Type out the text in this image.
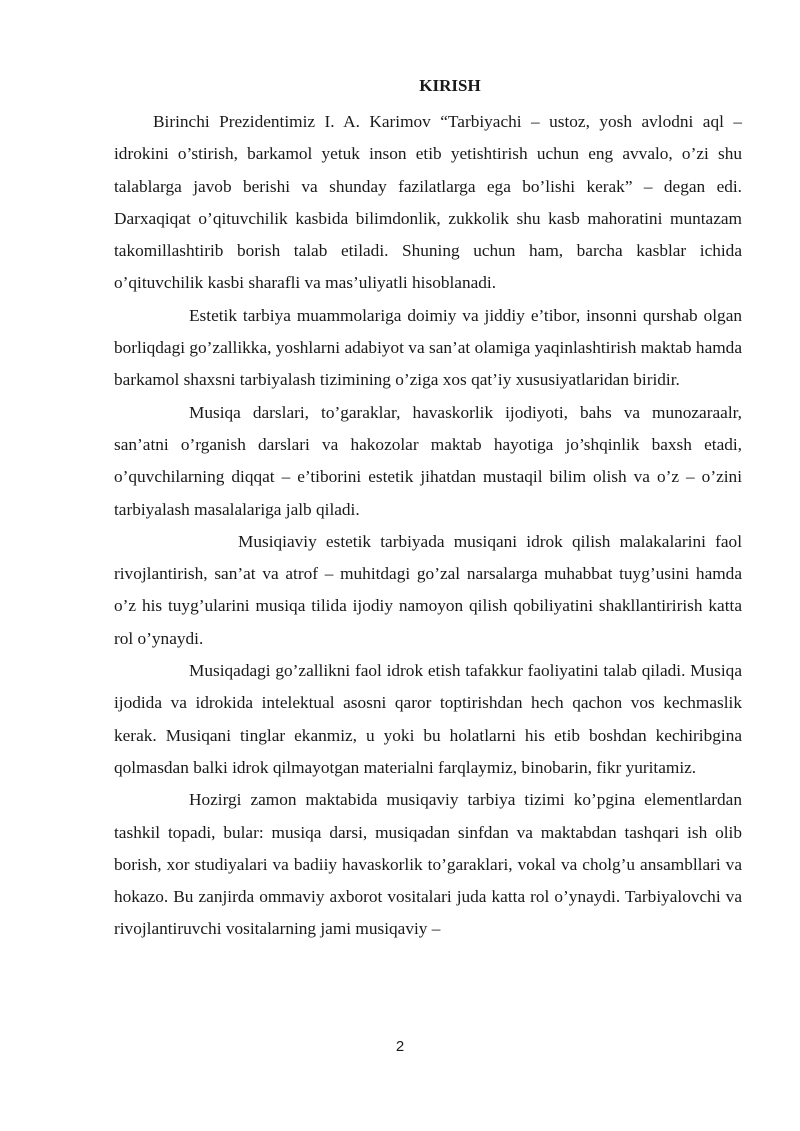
KIRISH

Birinchi Prezidentimiz I. A. Karimov “Tarbiyachi – ustoz, yosh avlodni aql – idrokini o’stirish, barkamol yetuk inson etib yetishtirish uchun eng avvalo, o’zi shu talablarga javob berishi va shunday fazilatlarga ega bo’lishi kerak” – degan edi. Darxaqiqat o’qituvchilik kasbida bilimdonlik, zukkolik shu kasb mahoratini muntazam takomillashtirib borish talab etiladi. Shuning uchun ham, barcha kasblar ichida o’qituvchilik kasbi sharafli va mas’uliyatli hisoblanadi.

Estetik tarbiya muammolariga doimiy va jiddiy e’tibor, insonni qurshab olgan borliqdagi go’zallikka, yoshlarni adabiyot va san’at olamiga yaqinlashtirish maktab hamda barkamol shaxsni tarbiyalash tizimining o’ziga xos qat’iy xususiyatlaridan biridir.

Musiqa darslari, to’garaklar, havaskorlik ijodiyoti, bahs va munozaraalr, san’atni o’rganish darslari va hakozolar maktab hayotiga jo’shqinlik baxsh etadi, o’quvchilarning diqqat – e’tiborini estetik jihatdan mustaqil bilim olish va o’z – o’zini tarbiyalash masalalariga jalb qiladi.

Musiqiaviy estetik tarbiyada musiqani idrok qilish malakalarini faol rivojlantirish, san’at va atrof – muhitdagi go’zal narsalarga muhabbat tuyg’usini hamda o’z his tuyg’ularini musiqa tilida ijodiy namoyon qilish qobiliyatini shakllantirirish katta rol o’ynaydi.

Musiqadagi go’zallikni faol idrok etish tafakkur faoliyatini talab qiladi. Musiqa ijodida va idrokida intelektual asosni qaror toptirishdan hech qachon vos kechmaslik kerak. Musiqani tinglar ekanmiz, u yoki bu holatlarni his etib boshdan kechiribgina qolmasdan balki idrok qilmayotgan materialni farqlaymiz, binobarin, fikr yuritamiz.

Hozirgi zamon maktabida musiqaviy tarbiya tizimi ko’pgina elementlardan tashkil topadi, bular: musiqa darsi, musiqadan sinfdan va maktabdan tashqari ish olib borish, xor studiyalari va badiiy havaskorlik to’garaklari, vokal va cholg’u ansambllari va hokazo. Bu zanjirda ommaviy axborot vositalari juda katta rol o’ynaydi. Tarbiyalovchi va rivojlantiruvchi vositalarning jami musiqaviy –

2
